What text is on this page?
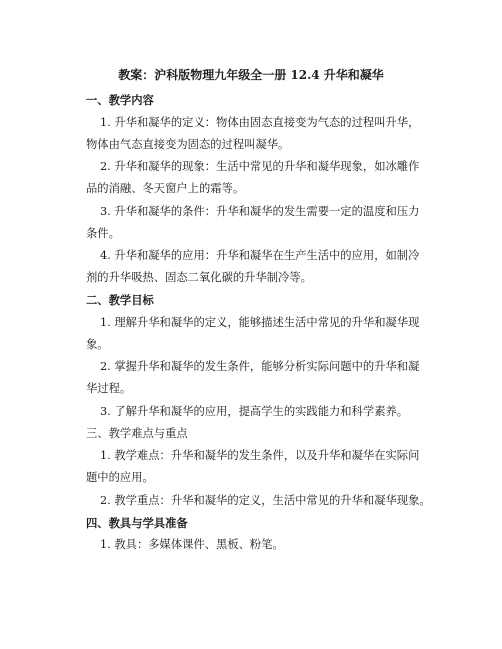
教案：沪科版物理九年级全一册 12.4 升华和凝华
一、教学内容
1. 升华和凝华的定义：物体由固态直接变为气态的过程叫升华，
物体由气态直接变为固态的过程叫凝华。
2. 升华和凝华的现象：生活中常见的升华和凝华现象，如冰雕作
品的消融、冬天窗户上的霜等。
3. 升华和凝华的条件：升华和凝华的发生需要一定的温度和压力
条件。
4. 升华和凝华的应用：升华和凝华在生产生活中的应用，如制冷
剂的升华吸热、固态二氧化碳的升华制冷等。
二、教学目标
1. 理解升华和凝华的定义，能够描述生活中常见的升华和凝华现
象。
2. 掌握升华和凝华的发生条件，能够分析实际问题中的升华和凝
华过程。
3. 了解升华和凝华的应用，提高学生的实践能力和科学素养。
三、教学难点与重点
1. 教学难点：升华和凝华的发生条件，以及升华和凝华在实际问
题中的应用。
2. 教学重点：升华和凝华的定义，生活中常见的升华和凝华现象。
四、教具与学具准备
1. 教具：多媒体课件、黑板、粉笔。
